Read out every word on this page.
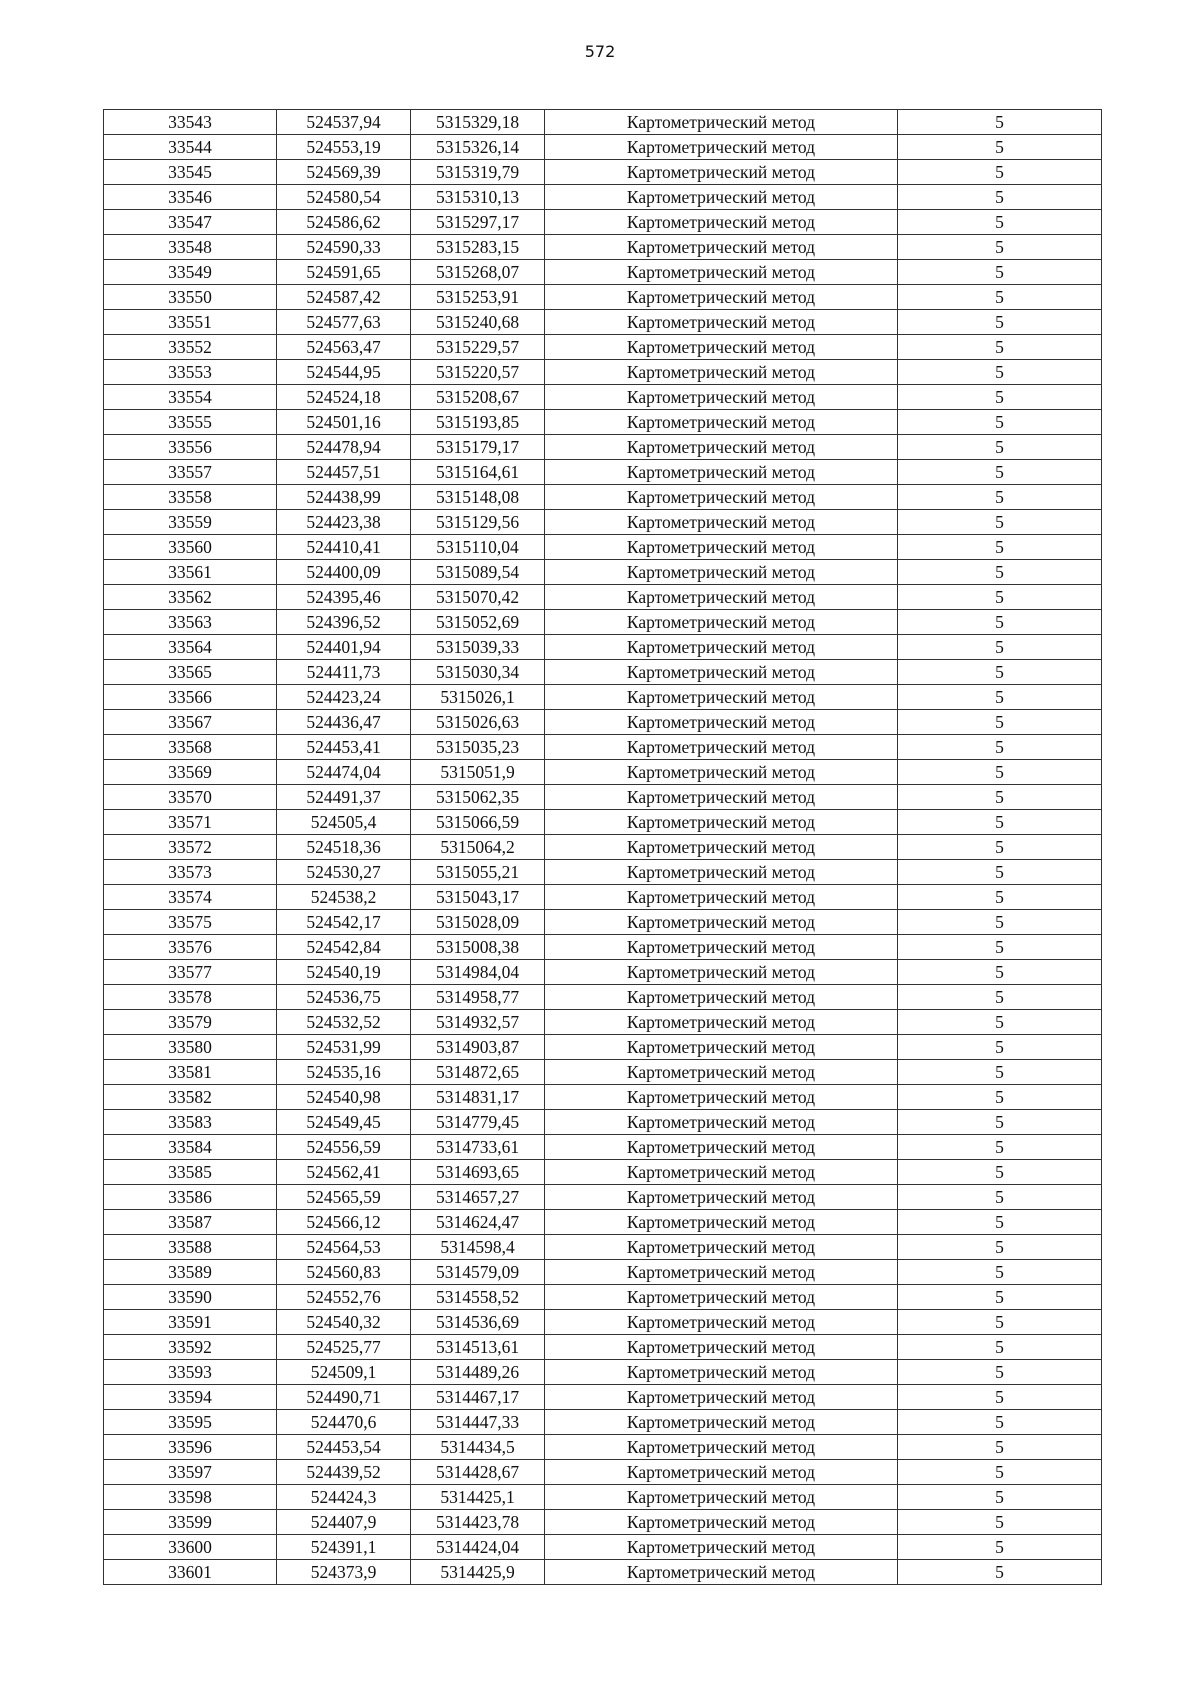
572
33543	524537,94	5315329,18	Картометрический метод	5
33544	524553,19	5315326,14	Картометрический метод	5
33545	524569,39	5315319,79	Картометрический метод	5
33546	524580,54	5315310,13	Картометрический метод	5
33547	524586,62	5315297,17	Картометрический метод	5
33548	524590,33	5315283,15	Картометрический метод	5
33549	524591,65	5315268,07	Картометрический метод	5
33550	524587,42	5315253,91	Картометрический метод	5
33551	524577,63	5315240,68	Картометрический метод	5
33552	524563,47	5315229,57	Картометрический метод	5
33553	524544,95	5315220,57	Картометрический метод	5
33554	524524,18	5315208,67	Картометрический метод	5
33555	524501,16	5315193,85	Картометрический метод	5
33556	524478,94	5315179,17	Картометрический метод	5
33557	524457,51	5315164,61	Картометрический метод	5
33558	524438,99	5315148,08	Картометрический метод	5
33559	524423,38	5315129,56	Картометрический метод	5
33560	524410,41	5315110,04	Картометрический метод	5
33561	524400,09	5315089,54	Картометрический метод	5
33562	524395,46	5315070,42	Картометрический метод	5
33563	524396,52	5315052,69	Картометрический метод	5
33564	524401,94	5315039,33	Картометрический метод	5
33565	524411,73	5315030,34	Картометрический метод	5
33566	524423,24	5315026,1	Картометрический метод	5
33567	524436,47	5315026,63	Картометрический метод	5
33568	524453,41	5315035,23	Картометрический метод	5
33569	524474,04	5315051,9	Картометрический метод	5
33570	524491,37	5315062,35	Картометрический метод	5
33571	524505,4	5315066,59	Картометрический метод	5
33572	524518,36	5315064,2	Картометрический метод	5
33573	524530,27	5315055,21	Картометрический метод	5
33574	524538,2	5315043,17	Картометрический метод	5
33575	524542,17	5315028,09	Картометрический метод	5
33576	524542,84	5315008,38	Картометрический метод	5
33577	524540,19	5314984,04	Картометрический метод	5
33578	524536,75	5314958,77	Картометрический метод	5
33579	524532,52	5314932,57	Картометрический метод	5
33580	524531,99	5314903,87	Картометрический метод	5
33581	524535,16	5314872,65	Картометрический метод	5
33582	524540,98	5314831,17	Картометрический метод	5
33583	524549,45	5314779,45	Картометрический метод	5
33584	524556,59	5314733,61	Картометрический метод	5
33585	524562,41	5314693,65	Картометрический метод	5
33586	524565,59	5314657,27	Картометрический метод	5
33587	524566,12	5314624,47	Картометрический метод	5
33588	524564,53	5314598,4	Картометрический метод	5
33589	524560,83	5314579,09	Картометрический метод	5
33590	524552,76	5314558,52	Картометрический метод	5
33591	524540,32	5314536,69	Картометрический метод	5
33592	524525,77	5314513,61	Картометрический метод	5
33593	524509,1	5314489,26	Картометрический метод	5
33594	524490,71	5314467,17	Картометрический метод	5
33595	524470,6	5314447,33	Картометрический метод	5
33596	524453,54	5314434,5	Картометрический метод	5
33597	524439,52	5314428,67	Картометрический метод	5
33598	524424,3	5314425,1	Картометрический метод	5
33599	524407,9	5314423,78	Картометрический метод	5
33600	524391,1	5314424,04	Картометрический метод	5
33601	524373,9	5314425,9	Картометрический метод	5
